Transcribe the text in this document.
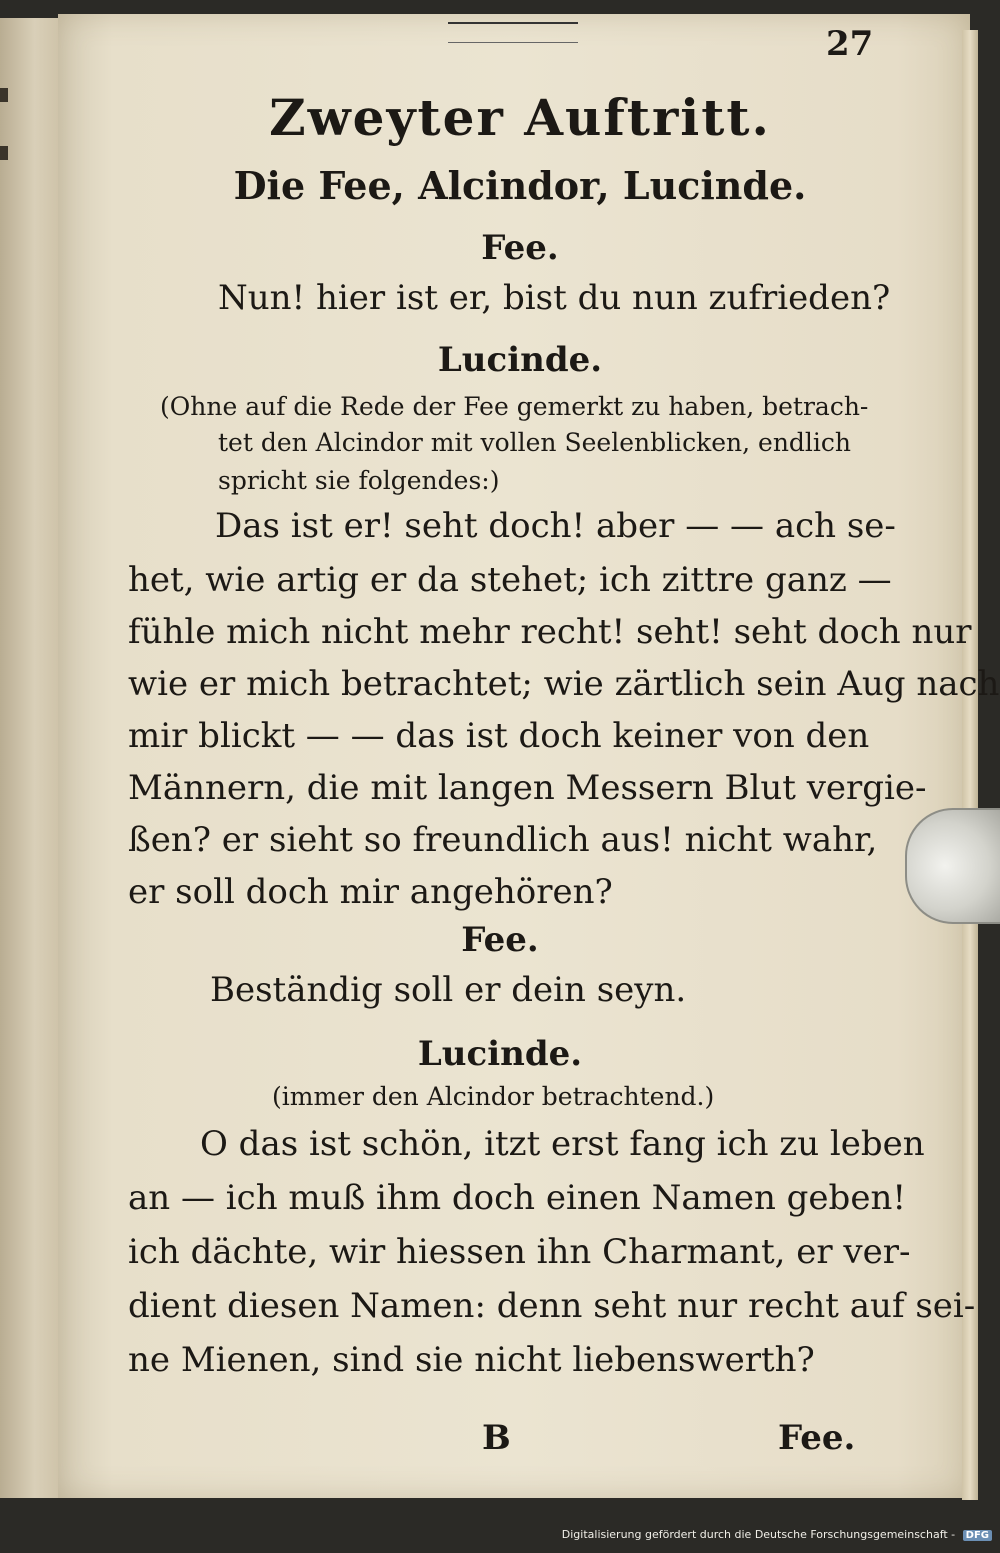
27
Zweyter Auftritt.
Die Fee, Alcindor, Lucinde.
Fee.
Nun! hier ist er, bist du nun zufrieden?
Lucinde.
(Ohne auf die Rede der Fee gemerkt zu haben, betrach-
tet den Alcindor mit vollen Seelenblicken, endlich
spricht sie folgendes:)
Das ist er! seht doch! aber — — ach se-
het, wie artig er da stehet; ich zittre ganz —
fühle mich nicht mehr recht! seht! seht doch nur
wie er mich betrachtet; wie zärtlich sein Aug nach
mir blickt — — das ist doch keiner von den
Männern, die mit langen Messern Blut vergie-
ßen? er sieht so freundlich aus! nicht wahr,
er soll doch mir angehören?
Fee.
Beständig soll er dein seyn.
Lucinde.
(immer den Alcindor betrachtend.)
O das ist schön, itzt erst fang ich zu leben
an — ich muß ihm doch einen Namen geben!
ich dächte, wir hiessen ihn Charmant, er ver-
dient diesen Namen: denn seht nur recht auf sei-
ne Mienen, sind sie nicht liebenswerth?
B	Fee.
Digitalisierung gefördert durch die Deutsche Forschungsgemeinschaft - DFG
